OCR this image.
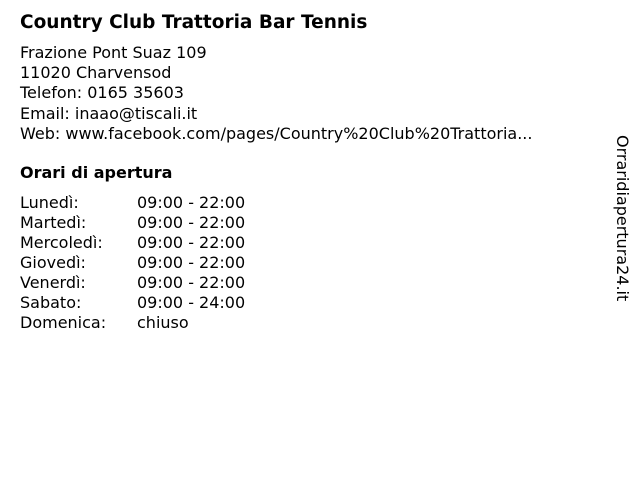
Country Club Trattoria Bar Tennis
Frazione Pont Suaz 109
11020 Charvensod
Telefon: 0165 35603
Email: inaao@tiscali.it
Web: www.facebook.com/pages/Country%20Club%20Trattoria...
Orari di apertura
Lunedì:	09:00 - 22:00
Martedì:	09:00 - 22:00
Mercoledì: 09:00 - 22:00
Giovedì:	09:00 - 22:00
Venerdì:	09:00 - 22:00
Sabato:	09:00 - 24:00
Domenica: chiuso
Orraridiapertura24.it
